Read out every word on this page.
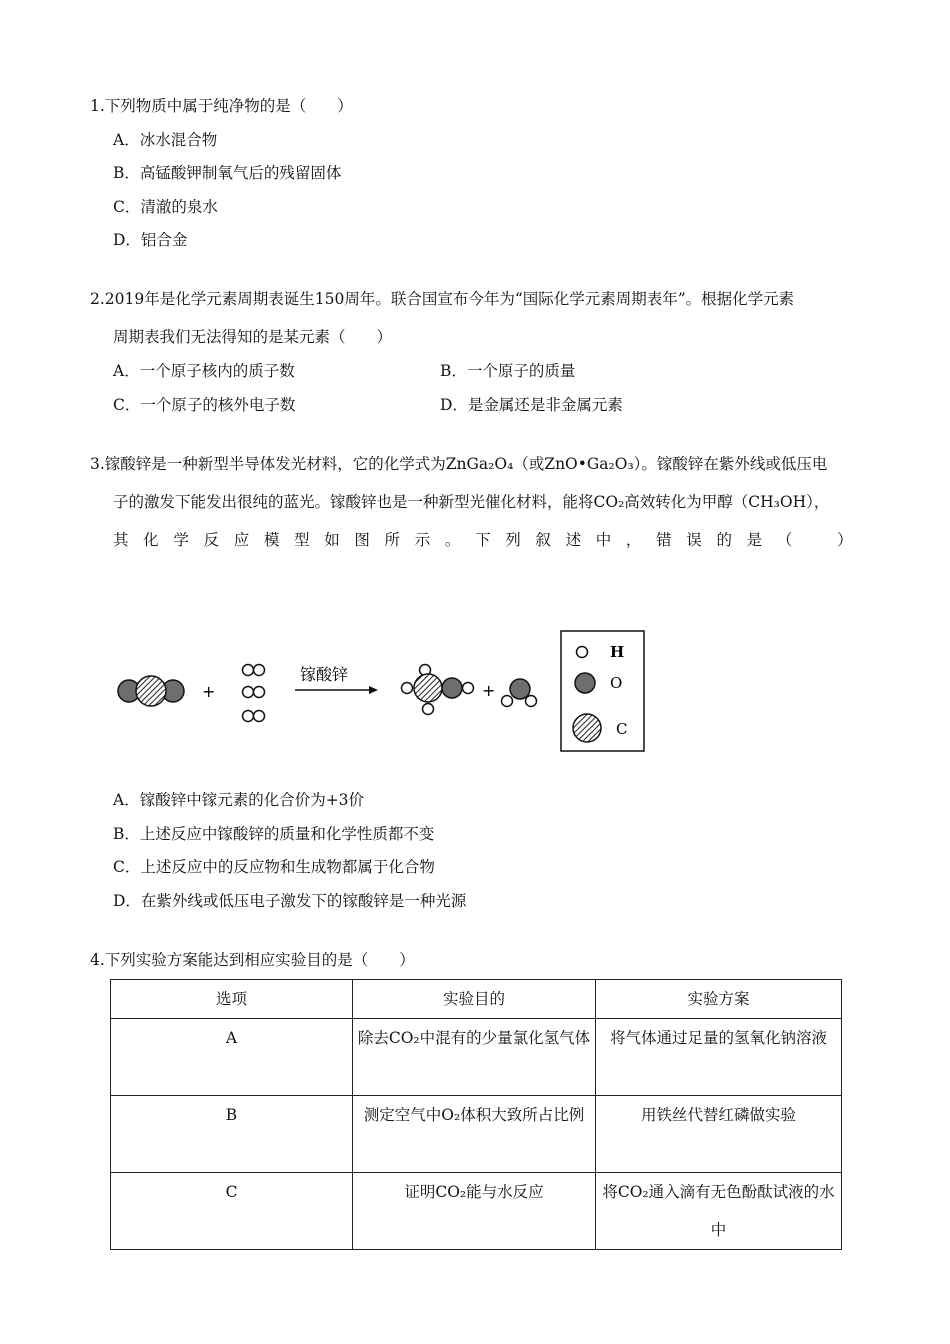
1.下列物质中属于纯净物的是（　　）
A．冰水混合物
B．高锰酸钾制氧气后的残留固体
C．清澈的泉水
D．铝合金
2.2019年是化学元素周期表诞生150周年。联合国宣布今年为“国际化学元素周期表年”。根据化学元素
周期表我们无法得知的是某元素（　　）
A．一个原子核内的质子数	B．一个原子的质量
C．一个原子的核外电子数	D．是金属还是非金属元素
3.镓酸锌是一种新型半导体发光材料，它的化学式为ZnGa₂O₄（或ZnO•Ga₂O₃）。镓酸锌在紫外线或低压电
子的激发下能发出很纯的蓝光。镓酸锌也是一种新型光催化材料，能将CO₂高效转化为甲醇（CH₃OH），
其 化 学 反 应 模 型 如 图 所 示 。 下 列 叙 述 中 ， 错 误 的 是 （
　	）
+
镓酸锌
+
H
O
C
A．镓酸锌中镓元素的化合价为+3价
B．上述反应中镓酸锌的质量和化学性质都不变
C．上述反应中的反应物和生成物都属于化合物
D．在紫外线或低压电子激发下的镓酸锌是一种光源
4.下列实验方案能达到相应实验目的是（　　）
选项	实验目的	实验方案
A	除去CO₂中混有的少量氯化氢气体	将气体通过足量的氢氧化钠溶液
B	测定空气中O₂体积大致所占比例	用铁丝代替红磷做实验
C	证明CO₂能与水反应	将CO₂通入滴有无色酚酞试液的水中
